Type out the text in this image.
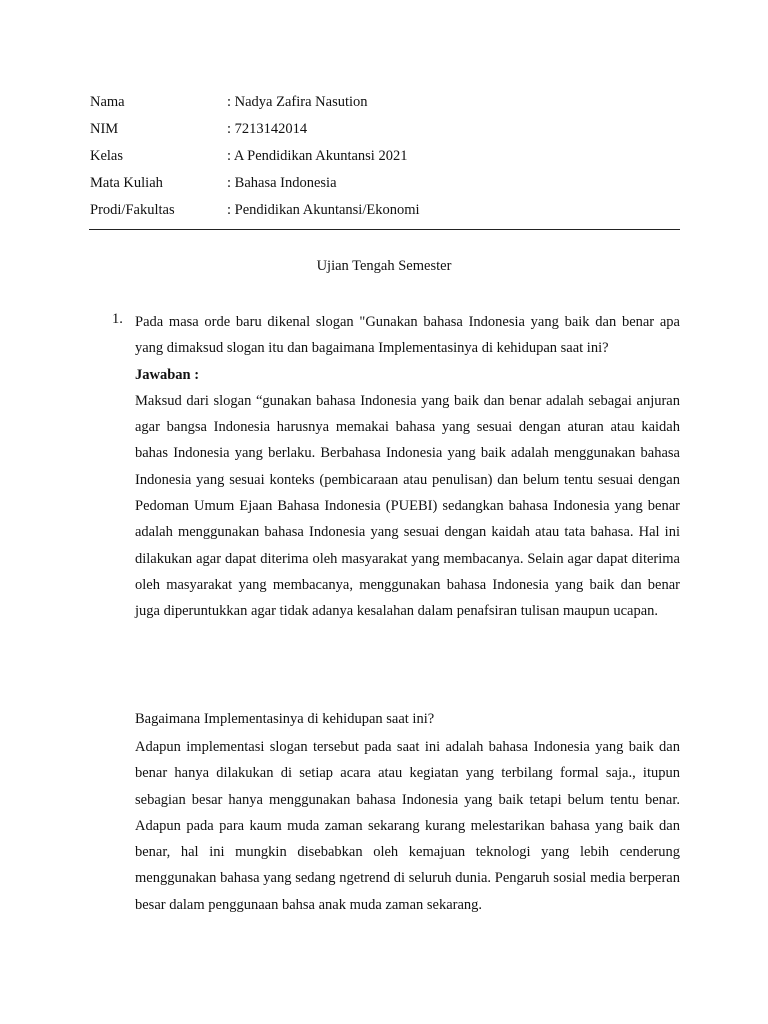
Nama	: Nadya Zafira Nasution
NIM	: 7213142014
Kelas	: A Pendidikan Akuntansi 2021
Mata Kuliah	: Bahasa Indonesia
Prodi/Fakultas	: Pendidikan Akuntansi/Ekonomi
Ujian Tengah Semester
1. Pada masa orde baru dikenal slogan "Gunakan bahasa Indonesia yang baik dan benar apa yang dimaksud slogan itu dan bagaimana Implementasinya di kehidupan saat ini?

Jawaban :

Maksud dari slogan “gunakan bahasa Indonesia yang baik dan benar adalah sebagai anjuran agar bangsa Indonesia harusnya memakai bahasa yang sesuai dengan aturan atau kaidah bahas Indonesia yang berlaku. Berbahasa Indonesia yang baik adalah menggunakan bahasa Indonesia yang sesuai konteks (pembicaraan atau penulisan) dan belum tentu sesuai dengan Pedoman Umum Ejaan Bahasa Indonesia (PUEBI) sedangkan bahasa Indonesia yang benar adalah menggunakan bahasa Indonesia yang sesuai dengan kaidah atau tata bahasa. Hal ini dilakukan agar dapat diterima oleh masyarakat yang membacanya. Selain agar dapat diterima oleh masyarakat yang membacanya, menggunakan bahasa Indonesia yang baik dan benar juga diperuntukkan agar tidak adanya kesalahan dalam penafsiran tulisan maupun ucapan.

Bagaimana Implementasinya di kehidupan saat ini?

Adapun implementasi slogan tersebut pada saat ini adalah bahasa Indonesia yang baik dan benar hanya dilakukan di setiap acara atau kegiatan yang terbilang formal saja., itupun sebagian besar hanya menggunakan bahasa Indonesia yang baik tetapi belum tentu benar. Adapun pada para kaum muda zaman sekarang kurang melestarikan bahasa yang baik dan benar, hal ini mungkin disebabkan oleh kemajuan teknologi yang lebih cenderung menggunakan bahasa yang sedang ngetrend di seluruh dunia. Pengaruh sosial media berperan besar dalam penggunaan bahsa anak muda zaman sekarang.
